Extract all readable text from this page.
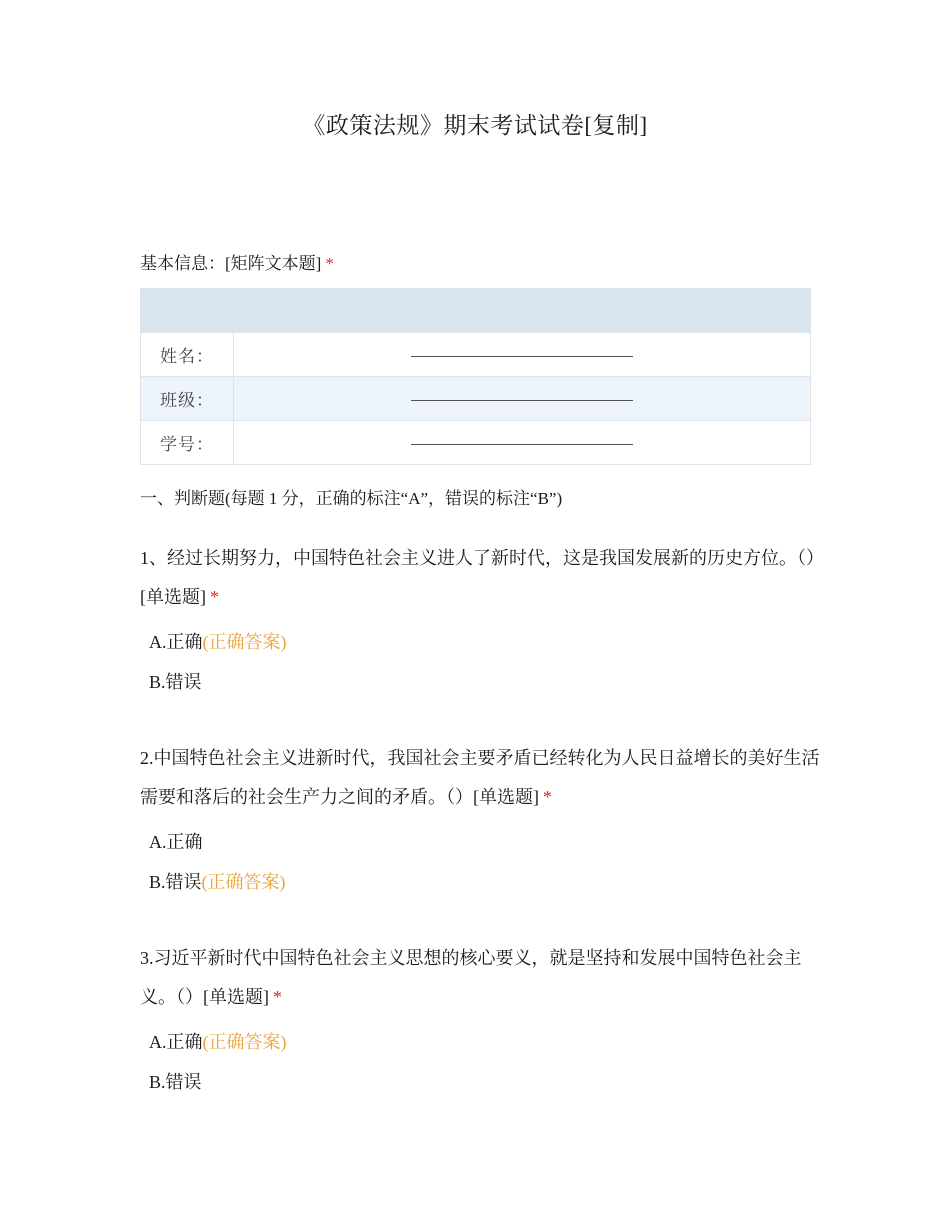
《政策法规》期末考试试卷[复制]
基本信息：[矩阵文本题] *

姓名：	
班级：	
学号：	
一、判断题(每题 1 分，正确的标注“A”，错误的标注“B”)
1、经过长期努力，中国特色社会主义进人了新时代，这是我国发展新的历史方位。（）[单选题] *
A.正确(正确答案)
B.错误
2.中国特色社会主义进新时代，我国社会主要矛盾已经转化为人民日益增长的美好生活需要和落后的社会生产力之间的矛盾。（）[单选题] *
A.正确
B.错误(正确答案)
3.习近平新时代中国特色社会主义思想的核心要义，就是坚持和发展中国特色社会主义。（）[单选题] *
A.正确(正确答案)
B.错误
